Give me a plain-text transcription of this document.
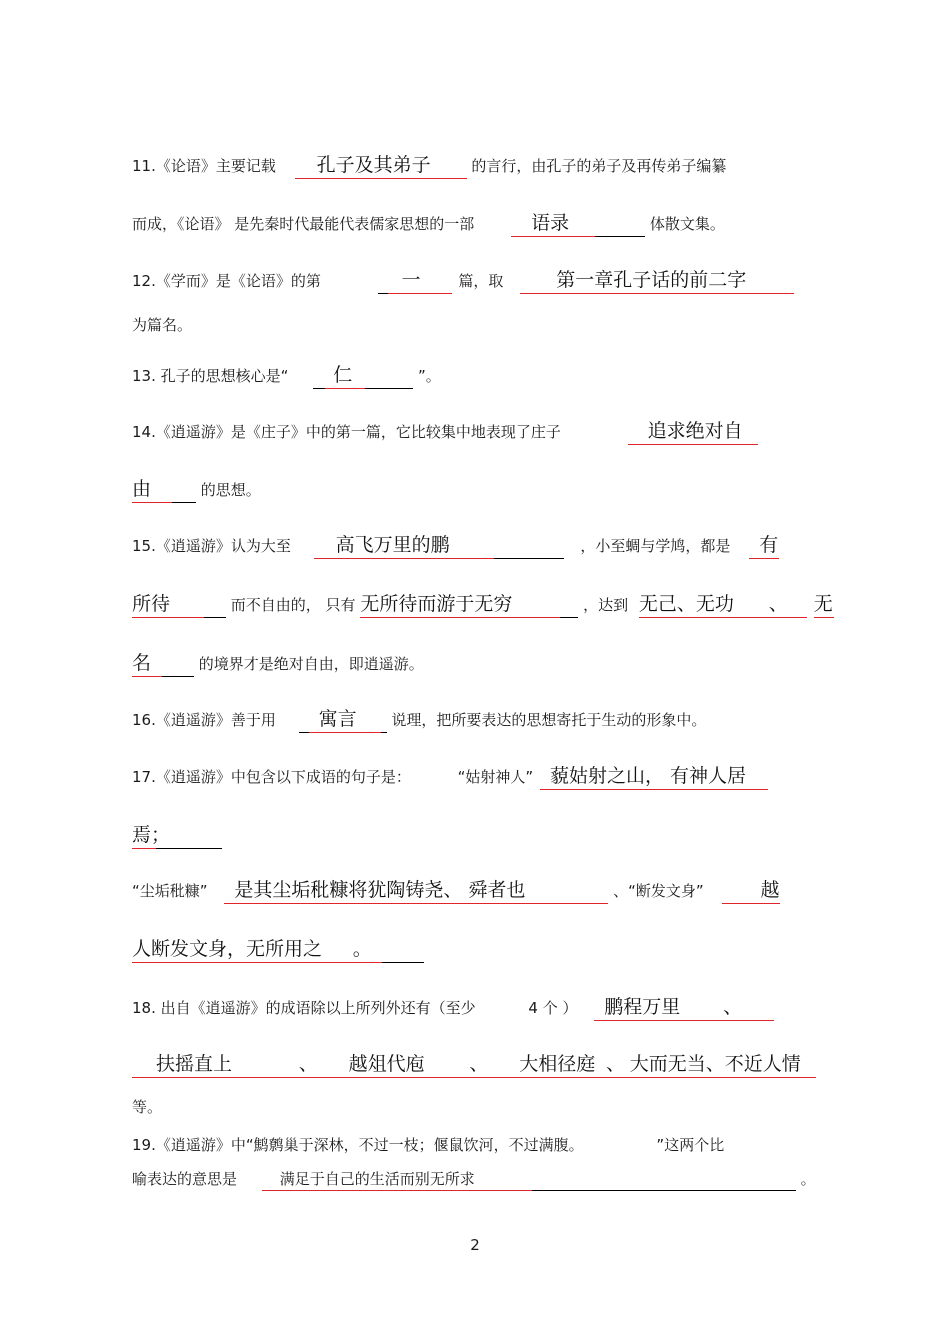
11.《论语》主要记载 孔子及其弟子	的言行，由孔子的弟子及再传弟子编纂
而成，《论语》 是先秦时代最能代表儒家思想的一部	语录	体散文集。
12.《学而》是《论语》的第	一	篇，取	第一章孔子话的前二字
为篇名。
13. 孔子的思想核心是“ 仁	”。
14.《逍遥游》是《庄子》中的第一篇，它比较集中地表现了庄子	追求绝对自
由	的思想。
15.《逍遥游》认为大至 高飞万里的鹏	，小至蜩与学鸠，都是 有
所待	而不自由的， 只有 无所待而游于无穷	，达到 无己、无功 、 无
名	的境界才是绝对自由，即逍遥游。
16.《逍遥游》善于用 寓言 说理，把所要表达的思想寄托于生动的形象中。
17.《逍遥游》中包含以下成语的句子是：	“姑射神人” 藐姑射之山， 有神人居
焉；
“尘垢秕糠” 是其尘垢秕糠将犹陶铸尧、 舜者也	、“断发文身”	越
人断发文身，无所用之 。
18. 出自《逍遥游》的成语除以上所列外还有（至少	4 个 ） 鹏程万里 、
扶摇直上	、 越俎代庖 、 大相径庭 、 大而无当、不近人情
等。
19.《逍遥游》中“鹪鹩巢于深林，不过一枝；偃鼠饮河，不过满腹。	”这两个比
喻表达的意思是	满足于自己的生活而别无所求	。
2
